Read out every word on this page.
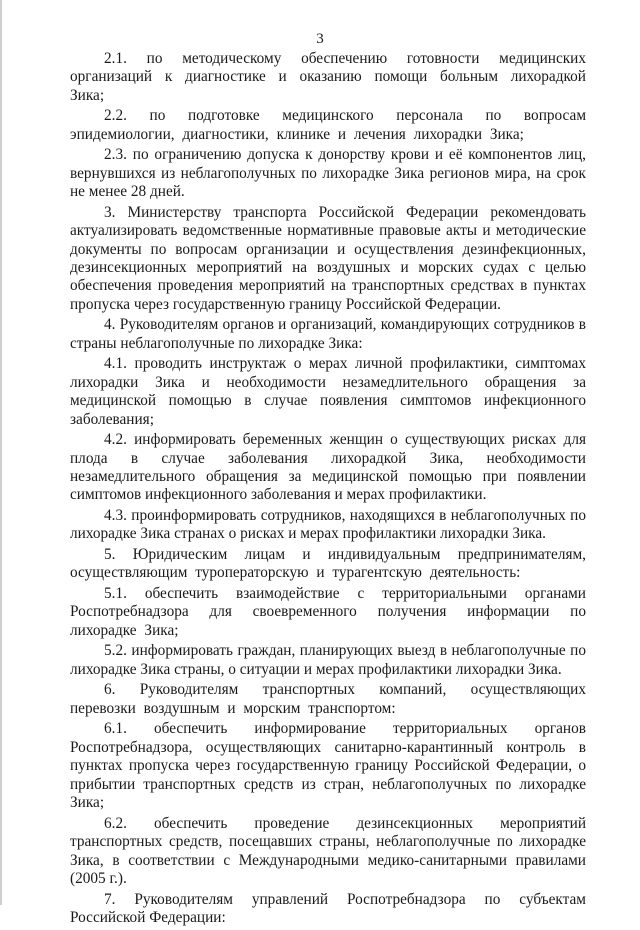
3

2.1. по методическому обеспечению готовности медицинских организаций к диагностике и оказанию помощи больным лихорадкой Зика;

2.2. по подготовке медицинского персонала по вопросам эпидемиологии, диагностики, клинике и лечения лихорадки Зика;

2.3. по ограничению допуска к донорству крови и её компонентов лиц, вернувшихся из неблагополучных по лихорадке Зика регионов мира, на срок не менее 28 дней.

3. Министерству транспорта Российской Федерации рекомендовать актуализировать ведомственные нормативные правовые акты и методические документы по вопросам организации и осуществления дезинфекционных, дезинсекционных мероприятий на воздушных и морских судах с целью обеспечения проведения мероприятий на транспортных средствах в пунктах пропуска через государственную границу Российской Федерации.

4. Руководителям органов и организаций, командирующих сотрудников в страны неблагополучные по лихорадке Зика:

4.1. проводить инструктаж о мерах личной профилактики, симптомах лихорадки Зика и необходимости незамедлительного обращения за медицинской помощью в случае появления симптомов инфекционного заболевания;

4.2. информировать беременных женщин о существующих рисках для плода в случае заболевания лихорадкой Зика, необходимости незамедлительного обращения за медицинской помощью при появлении симптомов инфекционного заболевания и мерах профилактики.

4.3. проинформировать сотрудников, находящихся в неблагополучных по лихорадке Зика странах о рисках и мерах профилактики лихорадки Зика.

5. Юридическим лицам и индивидуальным предпринимателям, осуществляющим туроператорскую и турагентскую деятельность:

5.1. обеспечить взаимодействие с территориальными органами Роспотребнадзора для своевременного получения информации по лихорадке Зика;

5.2. информировать граждан, планирующих выезд в неблагополучные по лихорадке Зика страны, о ситуации и мерах профилактики лихорадки Зика.

6. Руководителям транспортных компаний, осуществляющих перевозки воздушным и морским транспортом:

6.1. обеспечить информирование территориальных органов Роспотребнадзора, осуществляющих санитарно-карантинный контроль в пунктах пропуска через государственную границу Российской Федерации, о прибытии транспортных средств из стран, неблагополучных по лихорадке Зика;

6.2. обеспечить проведение дезинсекционных мероприятий транспортных средств, посещавших страны, неблагополучные по лихорадке Зика, в соответствии с Международными медико-санитарными правилами (2005 г.).

7. Руководителям управлений Роспотребнадзора по субъектам Российской Федерации:
